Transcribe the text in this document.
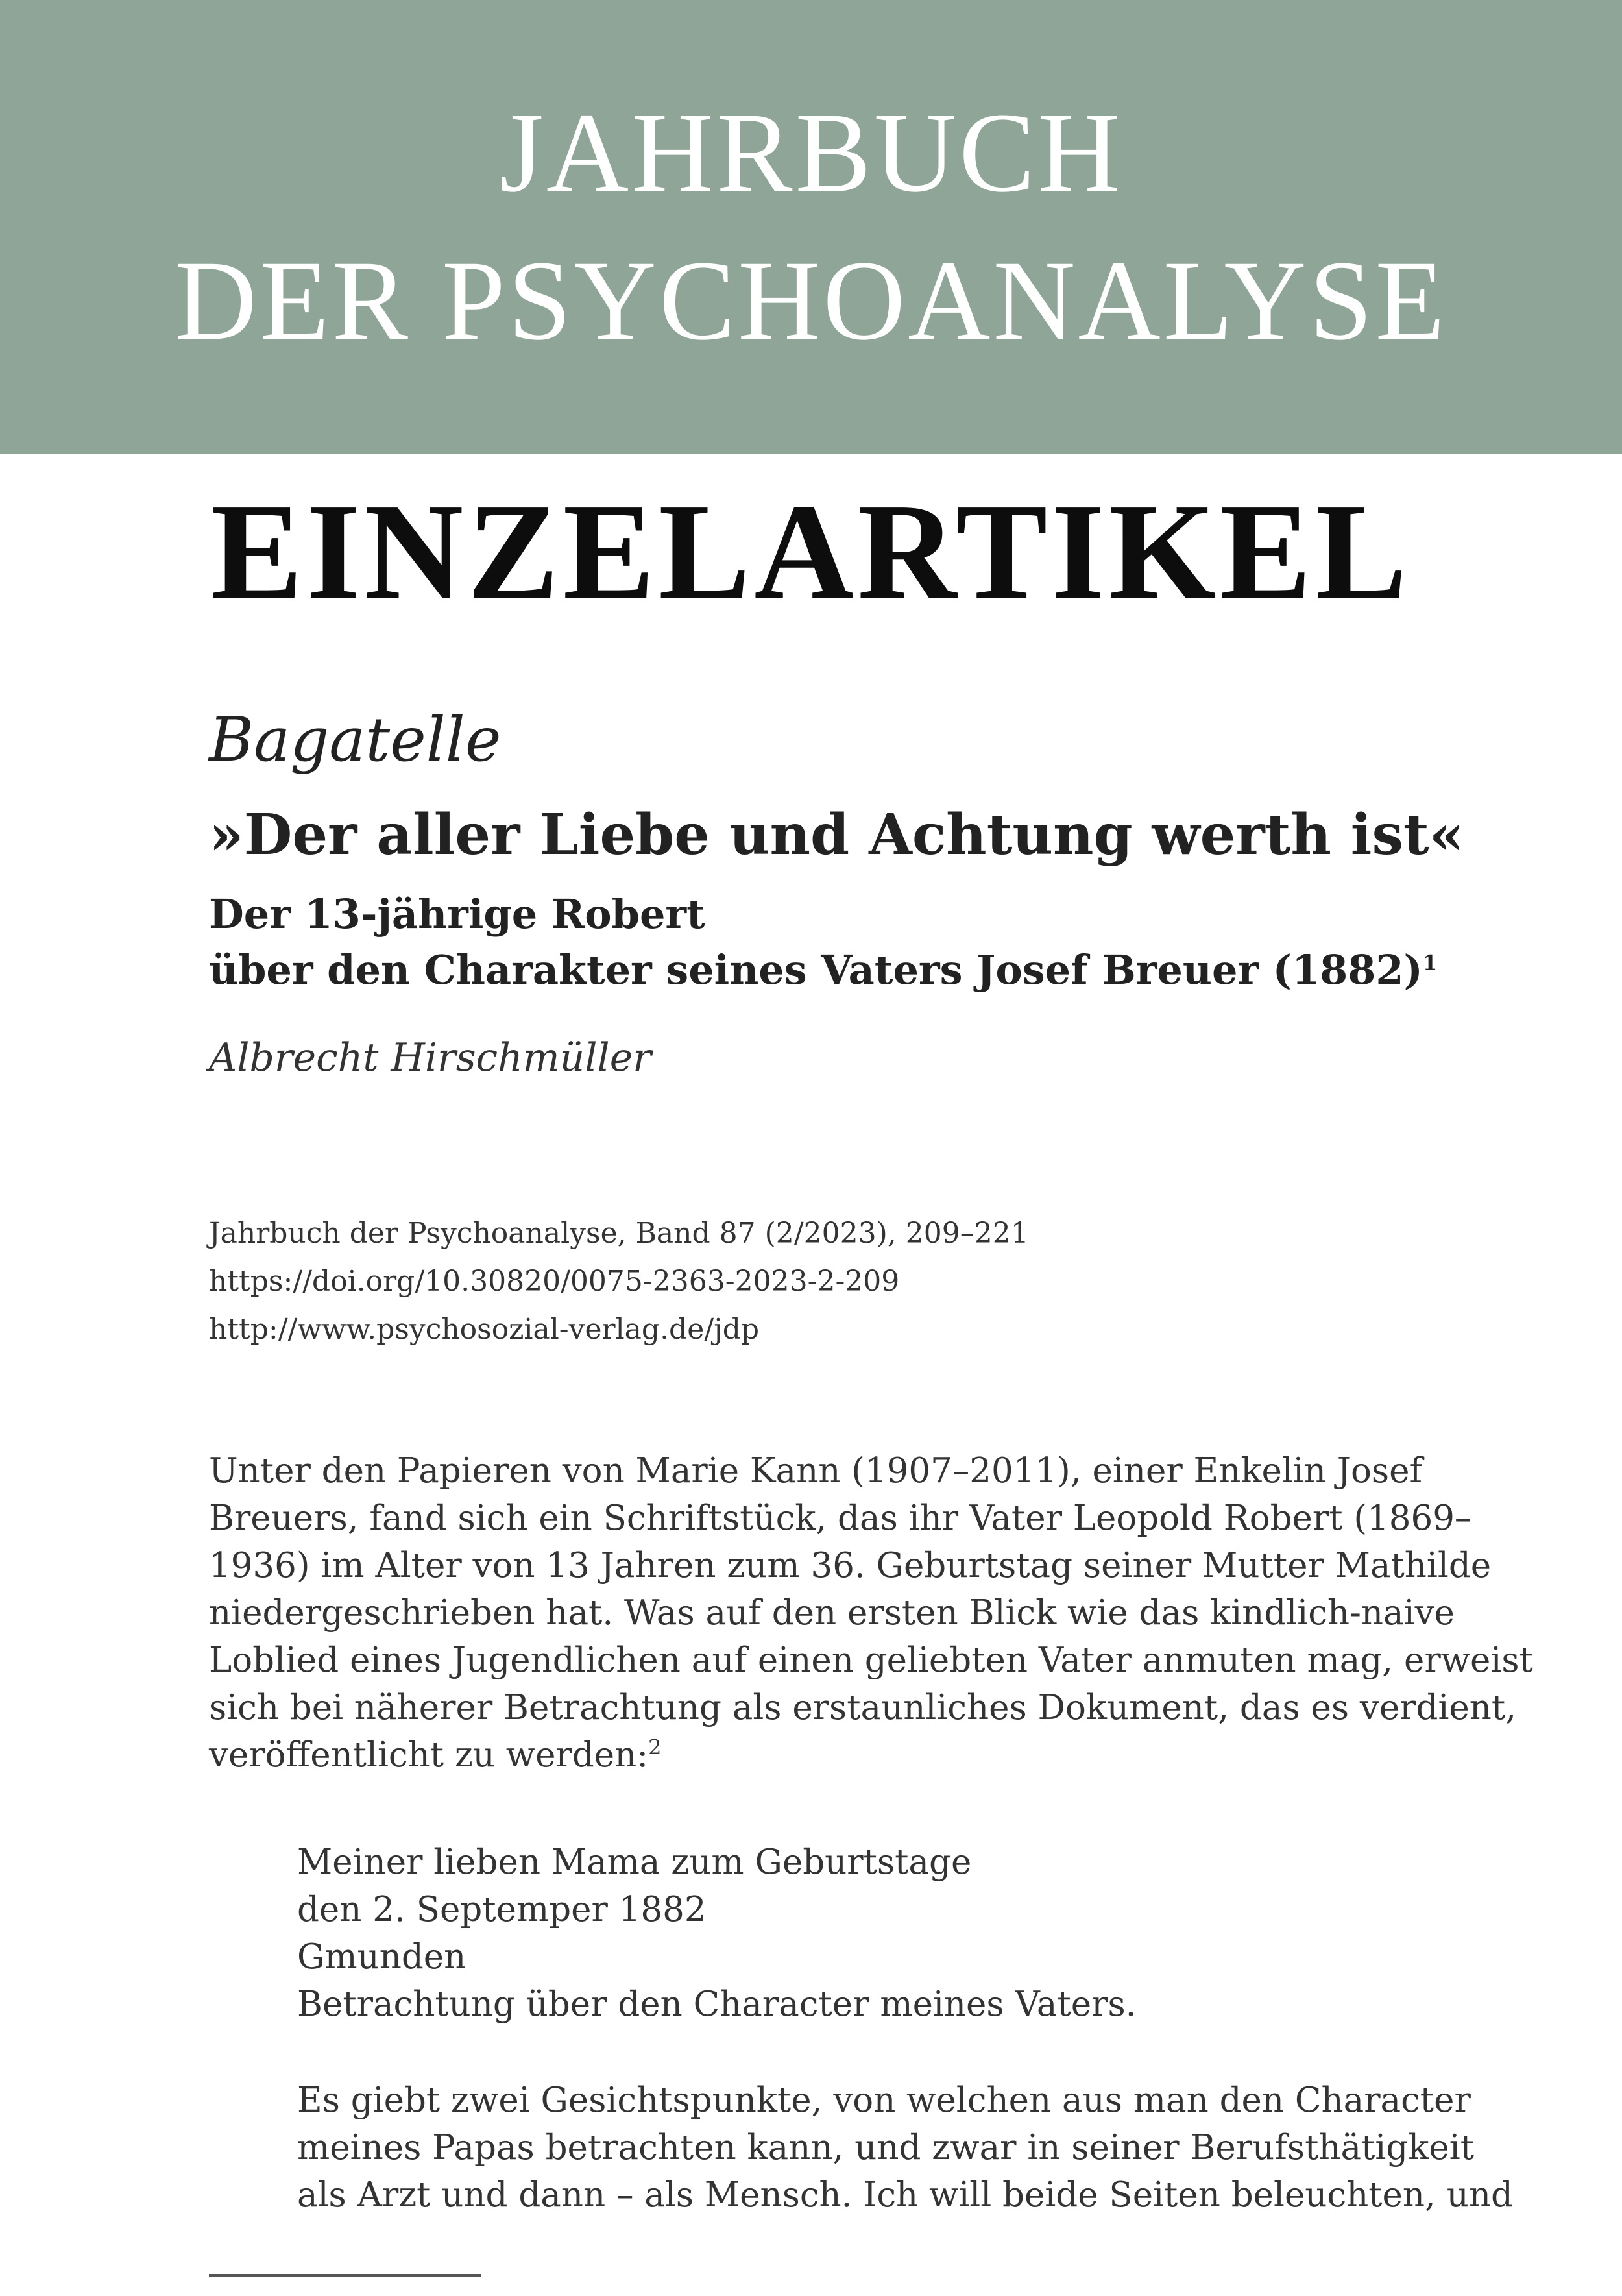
JAHRBUCH
DER PSYCHOANALYSE
EINZELARTIKEL
Bagatelle
»Der aller Liebe und Achtung werth ist«
Der 13-jährige Robert
über den Charakter seines Vaters Josef Breuer $(1882)^1$
Albrecht Hirschmüller
Jahrbuch der Psychoanalyse, Band 87 (2/2023), 209–221
https://doi.org/10.30820/0075-2363-2023-2-209
http://www.psychosozial-verlag.de/jdp
Unter den Papieren von Marie Kann (1907–2011), einer Enkelin Josef
Breuers, fand sich ein Schriftstück, das ihr Vater Leopold Robert (1869–
1936) im Alter von 13 Jahren zum 36. Geburtstag seiner Mutter Mathilde
niedergeschrieben hat. Was auf den ersten Blick wie das kindlich-naive
Loblied eines Jugendlichen auf einen geliebten Vater anmuten mag, erweist
sich bei näherer Betrachtung als erstaunliches Dokument, das es verdient,
veröffentlicht zu werden:$^2$
Meiner lieben Mama zum Geburtstage
den 2. Septemper 1882
Gmunden
Betrachtung über den Character meines Vaters.
Es giebt zwei Gesichtspunkte, von welchen aus man den Character
meines Papas betrachten kann, und zwar in seiner Berufsthätigkeit
als Arzt und dann – als Mensch. Ich will beide Seiten beleuchten, und
